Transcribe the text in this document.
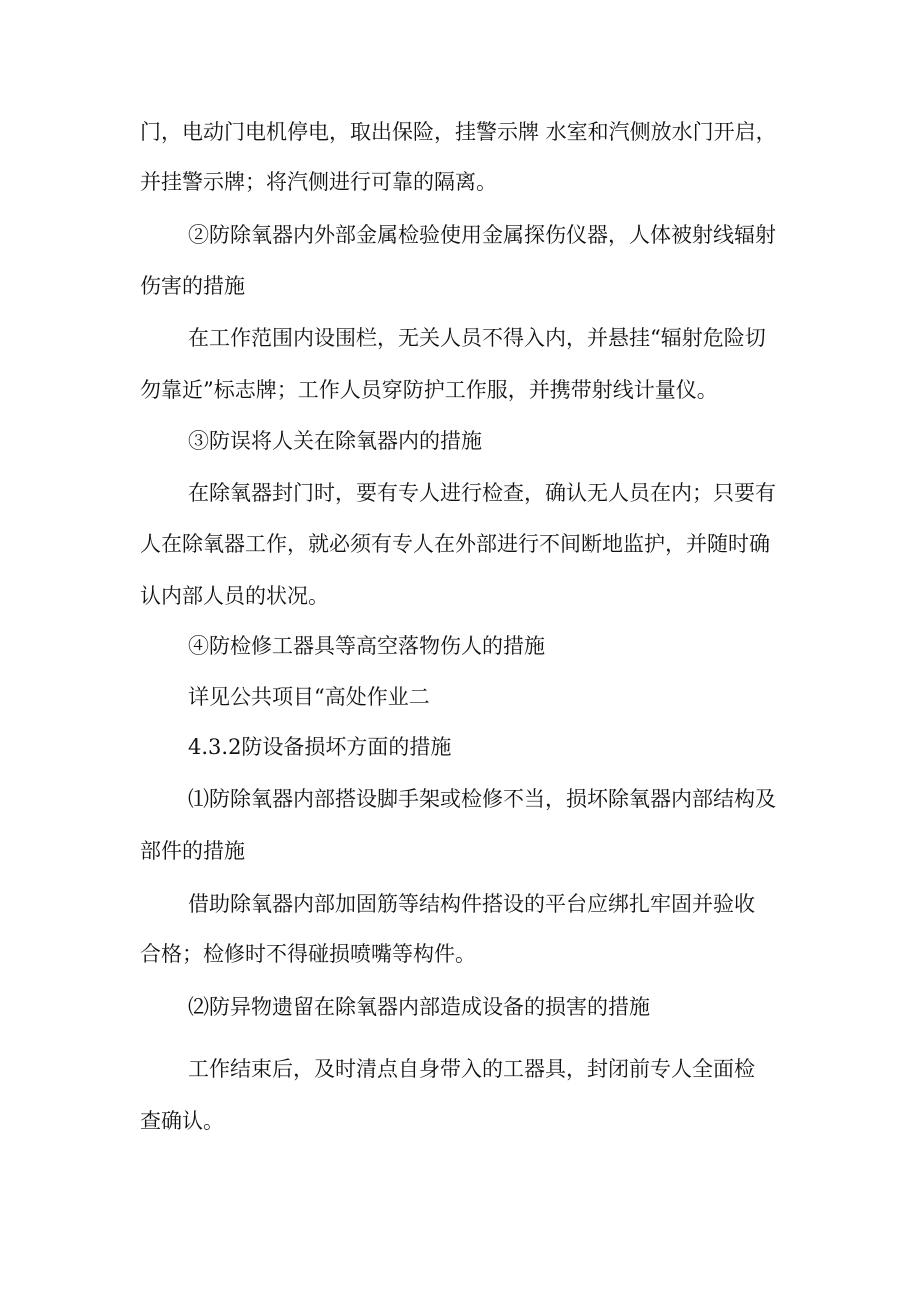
门，电动门电机停电，取出保险，挂警示牌 水室和汽侧放水门开启，
并挂警示牌；将汽侧进行可靠的隔离。
②防除氧器内外部金属检验使用金属探伤仪器，人体被射线辐射
伤害的措施
在工作范围内设围栏，无关人员不得入内，并悬挂“辐射危险切
勿靠近”标志牌；工作人员穿防护工作服，并携带射线计量仪。
③防误将人关在除氧器内的措施
在除氧器封门时，要有专人进行检查，确认无人员在内；只要有
人在除氧器工作，就必须有专人在外部进行不间断地监护，并随时确
认内部人员的状况。
④防检修工器具等高空落物伤人的措施
详见公共项目“高处作业二
4.3.2防设备损坏方面的措施
⑴防除氧器内部搭设脚手架或检修不当，损坏除氧器内部结构及
部件的措施
借助除氧器内部加固筋等结构件搭设的平台应绑扎牢固并验收
合格；检修时不得碰损喷嘴等构件。
⑵防异物遗留在除氧器内部造成设备的损害的措施
工作结束后，及时清点自身带入的工器具，封闭前专人全面检
查确认。
